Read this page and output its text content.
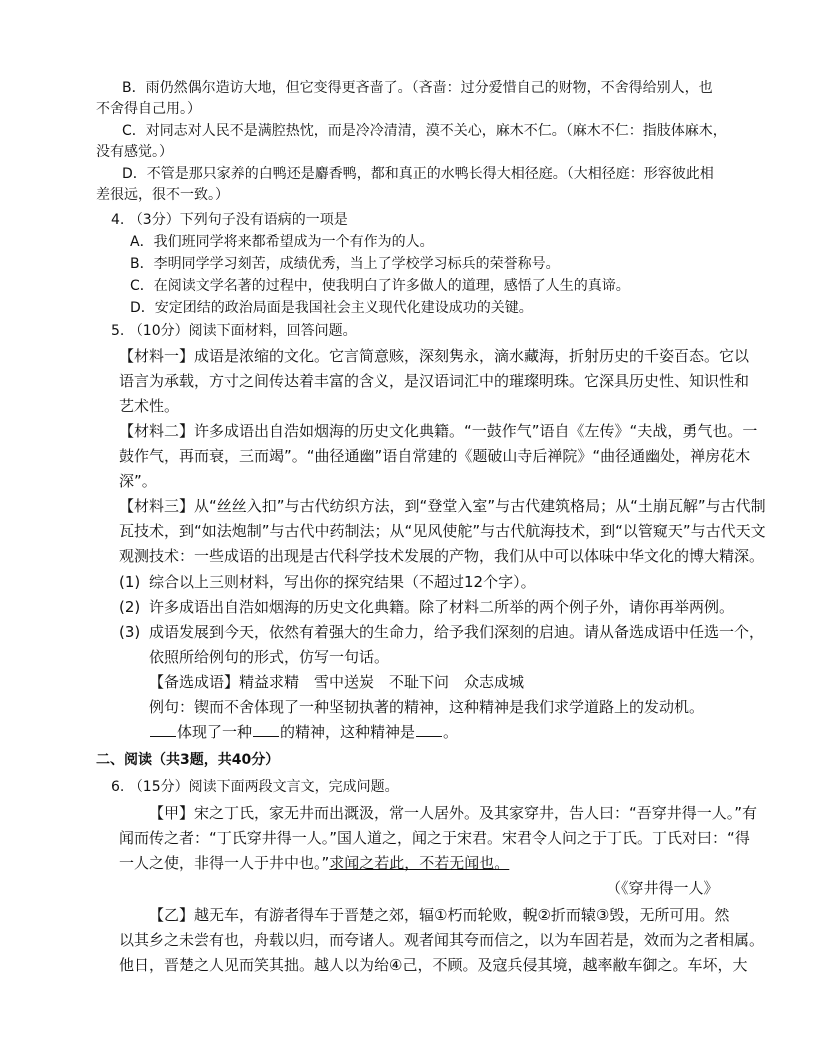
B．雨仍然偶尔造访大地，但它变得更吝啬了。（吝啬：过分爱惜自己的财物，不舍得给别人，也

不舍得自己用。）

C．对同志对人民不是满腔热忱，而是冷冷清清，漠不关心，麻木不仁。（麻木不仁：指肢体麻木，

没有感觉。）

D．不管是那只家养的白鸭还是麝香鸭，都和真正的水鸭长得大相径庭。（大相径庭：形容彼此相

差很远，很不一致。）

4. （3分）下列句子没有语病的一项是

A．我们班同学将来都希望成为一个有作为的人。

B．李明同学学习刻苦，成绩优秀，当上了学校学习标兵的荣誉称号。

C．在阅读文学名著的过程中，使我明白了许多做人的道理，感悟了人生的真谛。

D．安定团结的政治局面是我国社会主义现代化建设成功的关键。

5. （10分）阅读下面材料，回答问题。

【材料一】成语是浓缩的文化。它言简意赅，深刻隽永，滴水藏海，折射历史的千姿百态。它以

语言为承载，方寸之间传达着丰富的含义，是汉语词汇中的璀璨明珠。它深具历史性、知识性和

艺术性。

【材料二】许多成语出自浩如烟海的历史文化典籍。“一鼓作气”语自《左传》“夫战，勇气也。一

鼓作气，再而衰，三而竭”。“曲径通幽”语自常建的《题破山寺后禅院》“曲径通幽处，禅房花木

深”。

【材料三】从“丝丝入扣”与古代纺织方法，到“登堂入室”与古代建筑格局；从“土崩瓦解”与古代制

瓦技术，到“如法炮制”与古代中药制法；从“见风使舵”与古代航海技术，到“以管窥天”与古代天文

观测技术：一些成语的出现是古代科学技术发展的产物，我们从中可以体味中华文化的博大精深。

(1) 综合以上三则材料，写出你的探究结果（不超过12个字）。

(2) 许多成语出自浩如烟海的历史文化典籍。除了材料二所举的两个例子外，请你再举两例。

(3) 成语发展到今天，依然有着强大的生命力，给予我们深刻的启迪。请从备选成语中任选一个，

依照所给例句的形式，仿写一句话。

【备选成语】精益求精　雪中送炭　不耻下问　众志成城

例句：锲而不舍体现了一种坚韧执著的精神，这种精神是我们求学道路上的发动机。

体现了一种 的精神，这种精神是 。

二、阅读（共3题，共40分）

6. （15分）阅读下面两段文言文，完成问题。

【甲】宋之丁氏，家无井而出溉汲，常一人居外。及其家穿井，告人曰：“吾穿井得一人。”有

闻而传之者：“丁氏穿井得一人。”国人道之，闻之于宋君。宋君令人问之于丁氏。丁氏对曰：“得

一人之使，非得一人于井中也。”求闻之若此，不若无闻也。

（《穿井得一人》

【乙】越无车，有游者得车于晋楚之郊，辐①朽而轮败，輗②折而辕③毁，无所可用。然

以其乡之未尝有也，舟载以归，而夸诸人。观者闻其夸而信之，以为车固若是，效而为之者相属。

他日，晋楚之人见而笑其拙。越人以为绐④己，不顾。及寇兵侵其境，越率敝车御之。车坏，大
